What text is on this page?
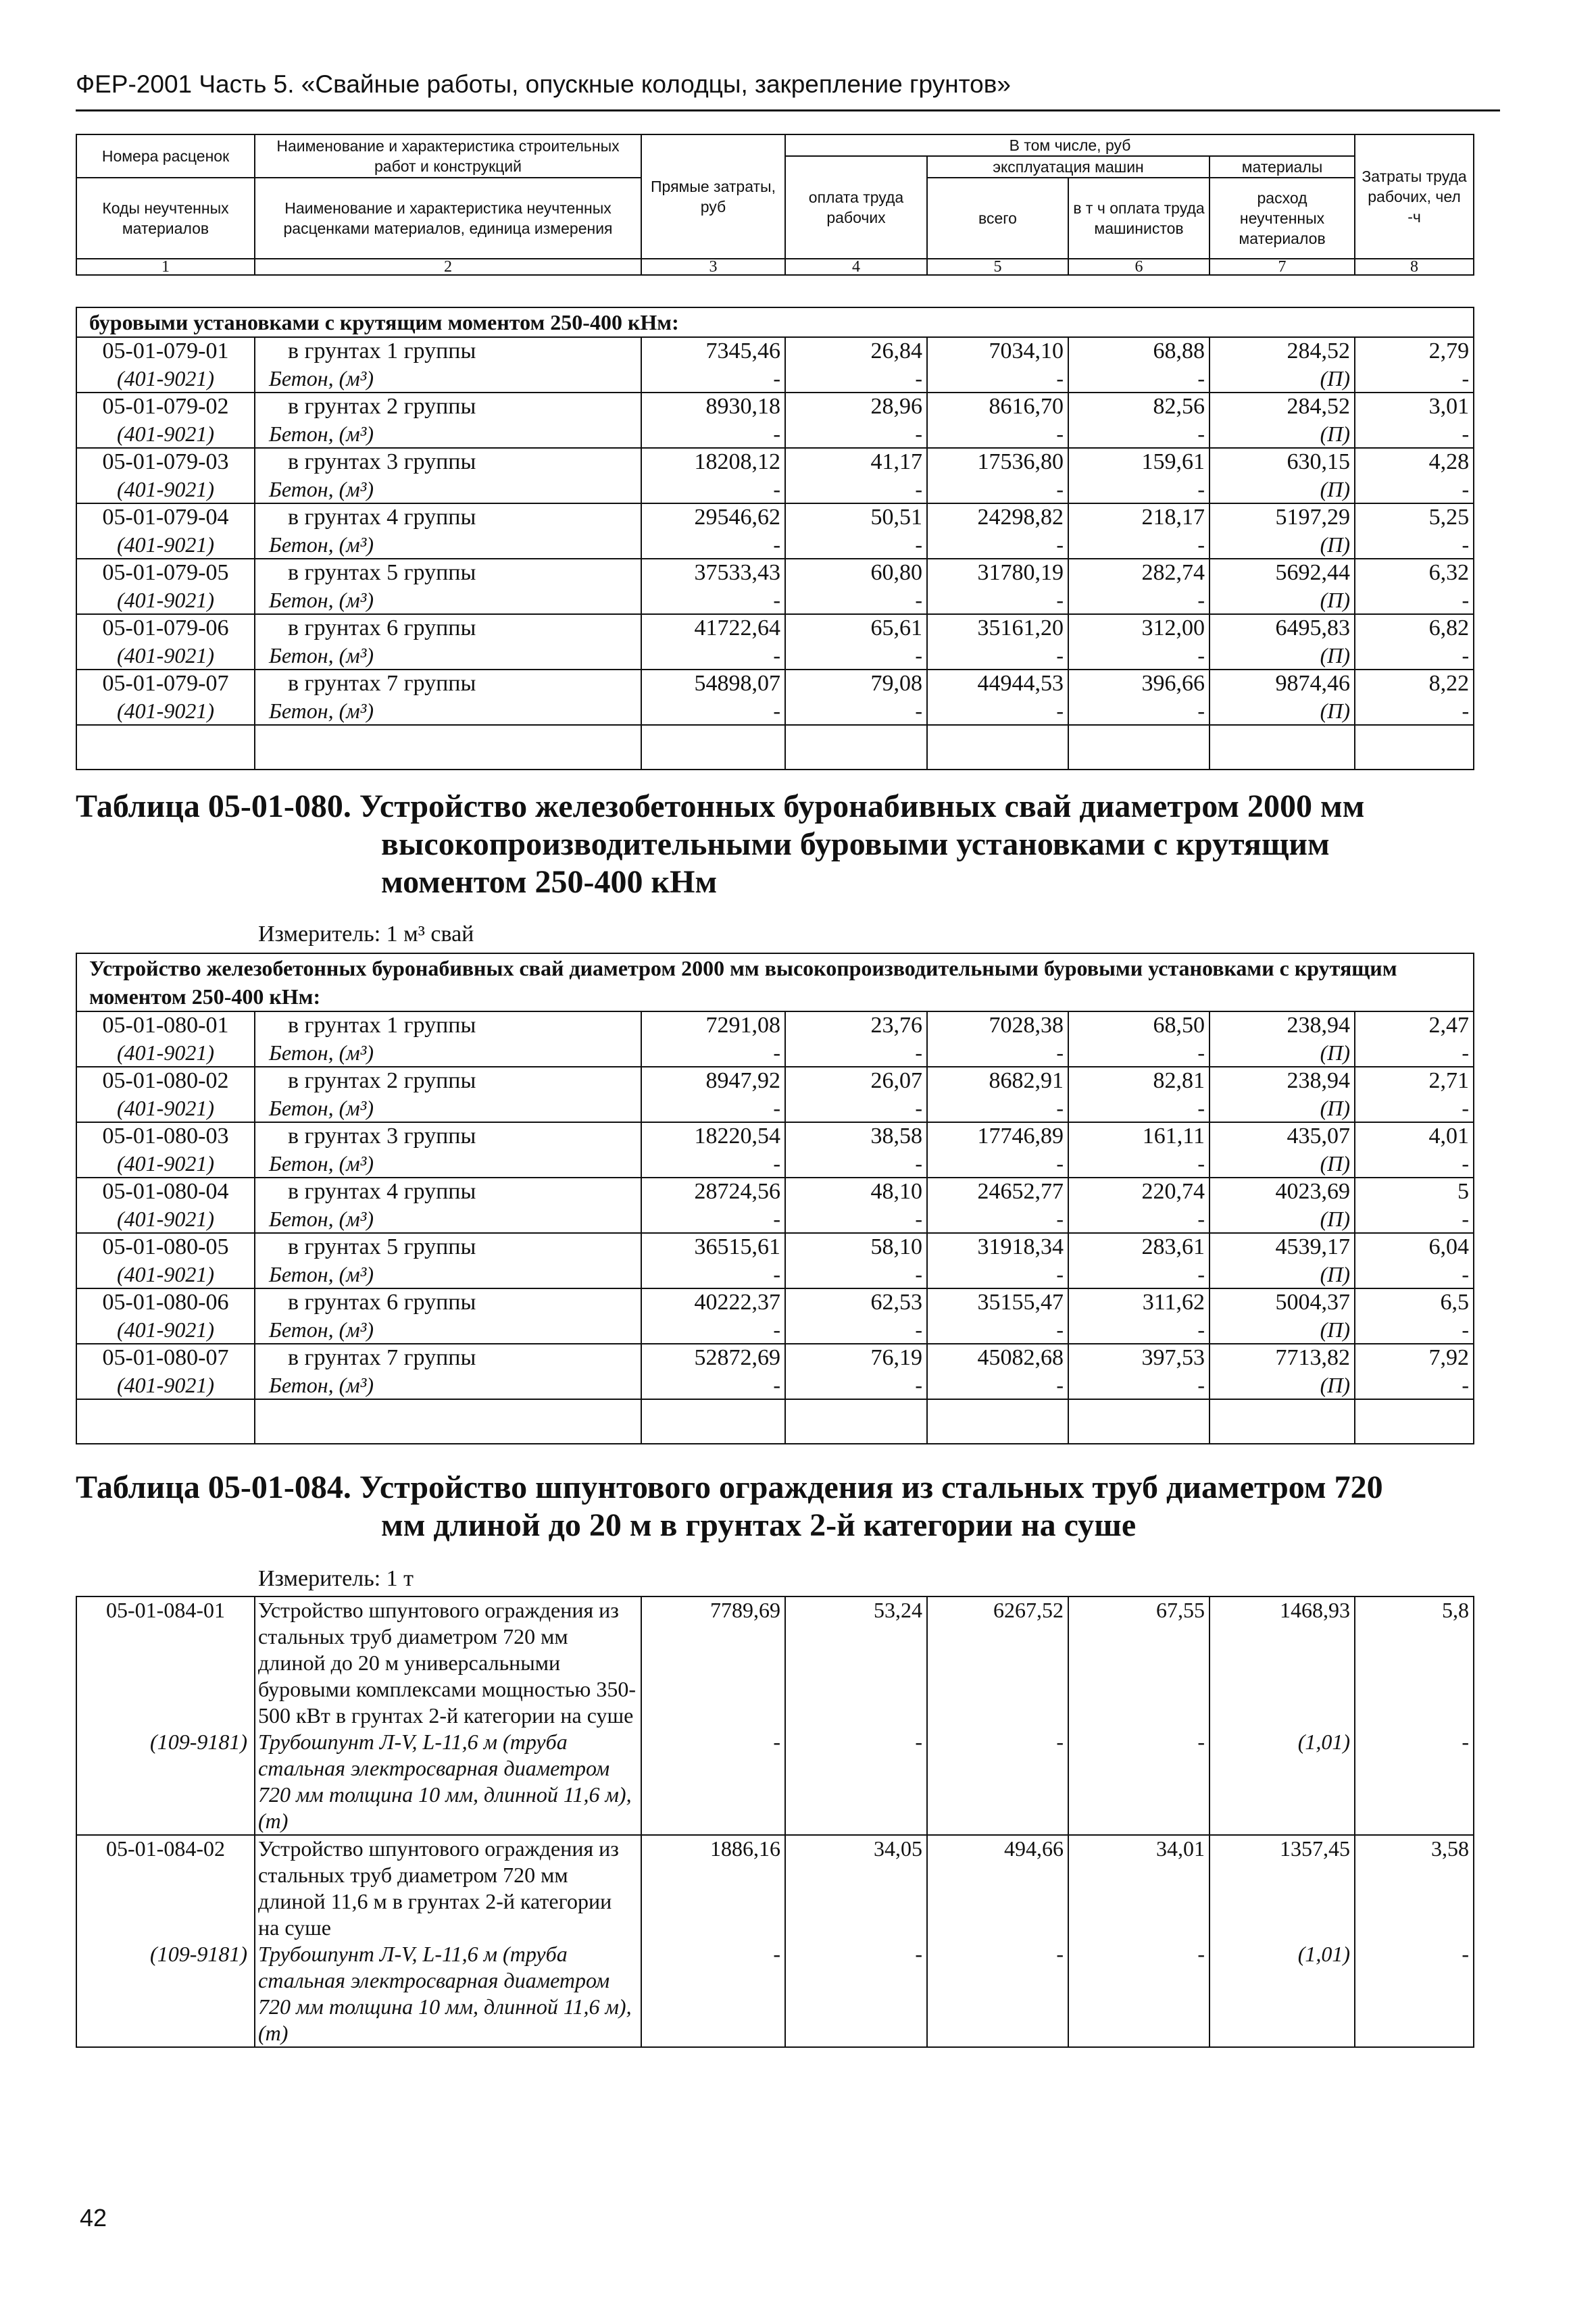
ФЕР-2001 Часть 5. «Свайные работы, опускные колодцы, закрепление грунтов»
Номера расценок	Наименование и характеристика строительных работ и конструкций	Прямые затраты, руб	В том числе, руб				Затраты труда рабочих, чел -ч
			оплата труда рабочих	эксплуатация машин		материалы	
Коды неучтенных материалов	Наименование и характеристика неучтенных расценками материалов, единица измерения			всего	в т ч оплата труда машинистов	расход неучтенных материалов	

1	2	3	4	5	6	7	8
буровыми установками с крутящим моментом 250-400 кНм:							
05-01-079-01	в грунтах 1 группы	7345,46	26,84	7034,10	68,88	284,52	2,79
(401-9021)	Бетон, (м³)	-	-	-	-	(П)	-
05-01-079-02	в грунтах 2 группы	8930,18	28,96	8616,70	82,56	284,52	3,01
(401-9021)	Бетон, (м³)	-	-	-	-	(П)	-
05-01-079-03	в грунтах 3 группы	18208,12	41,17	17536,80	159,61	630,15	4,28
(401-9021)	Бетон, (м³)	-	-	-	-	(П)	-
05-01-079-04	в грунтах 4 группы	29546,62	50,51	24298,82	218,17	5197,29	5,25
(401-9021)	Бетон, (м³)	-	-	-	-	(П)	-
05-01-079-05	в грунтах 5 группы	37533,43	60,80	31780,19	282,74	5692,44	6,32
(401-9021)	Бетон, (м³)	-	-	-	-	(П)	-
05-01-079-06	в грунтах 6 группы	41722,64	65,61	35161,20	312,00	6495,83	6,82
(401-9021)	Бетон, (м³)	-	-	-	-	(П)	-
05-01-079-07	в грунтах 7 группы	54898,07	79,08	44944,53	396,66	9874,46	8,22
(401-9021)	Бетон, (м³)	-	-	-	-	(П)	-

Таблица 05-01-080. Устройство железобетонных буронабивных свай диаметром 2000 мм
высокопроизводительными буровыми установками с крутящим
моментом 250-400 кНм
Измеритель: 1 м³ свай
Устройство железобетонных буронабивных свай диаметром 2000 мм высокопроизводительными буровыми установками с крутящим моментом 250-400 кНм:							
05-01-080-01	в грунтах 1 группы	7291,08	23,76	7028,38	68,50	238,94	2,47
(401-9021)	Бетон, (м³)	-	-	-	-	(П)	-
05-01-080-02	в грунтах 2 группы	8947,92	26,07	8682,91	82,81	238,94	2,71
(401-9021)	Бетон, (м³)	-	-	-	-	(П)	-
05-01-080-03	в грунтах 3 группы	18220,54	38,58	17746,89	161,11	435,07	4,01
(401-9021)	Бетон, (м³)	-	-	-	-	(П)	-
05-01-080-04	в грунтах 4 группы	28724,56	48,10	24652,77	220,74	4023,69	5
(401-9021)	Бетон, (м³)	-	-	-	-	(П)	-
05-01-080-05	в грунтах 5 группы	36515,61	58,10	31918,34	283,61	4539,17	6,04
(401-9021)	Бетон, (м³)	-	-	-	-	(П)	-
05-01-080-06	в грунтах 6 группы	40222,37	62,53	35155,47	311,62	5004,37	6,5
(401-9021)	Бетон, (м³)	-	-	-	-	(П)	-
05-01-080-07	в грунтах 7 группы	52872,69	76,19	45082,68	397,53	7713,82	7,92
(401-9021)	Бетон, (м³)	-	-	-	-	(П)	-

Таблица 05-01-084. Устройство шпунтового ограждения из стальных труб диаметром 720
мм длиной до 20 м в грунтах 2-й категории на суше
Измеритель: 1 т
05-01-084-01	Устройство шпунтового ограждения из стальных труб диаметром 720 мм длиной до 20 м универсальными буровыми комплексами мощностью 350-500 кВт в грунтах 2-й категории на суше	7789,69	53,24	6267,52	67,55	1468,93	5,8
(109-9181)	Трубошпунт Л-V, L-11,6 м (труба стальная электросварная диаметром 720 мм толщина 10 мм, длинной 11,6 м), (т)	-	-	-	-	(1,01)	-
05-01-084-02	Устройство шпунтового ограждения из стальных труб диаметром 720 мм длиной 11,6 м в грунтах 2-й категории на суше	1886,16	34,05	494,66	34,01	1357,45	3,58
(109-9181)	Трубошпунт Л-V, L-11,6 м (труба стальная электросварная диаметром 720 мм толщина 10 мм, длинной 11,6 м), (т)	-	-	-	-	(1,01)	-
42
